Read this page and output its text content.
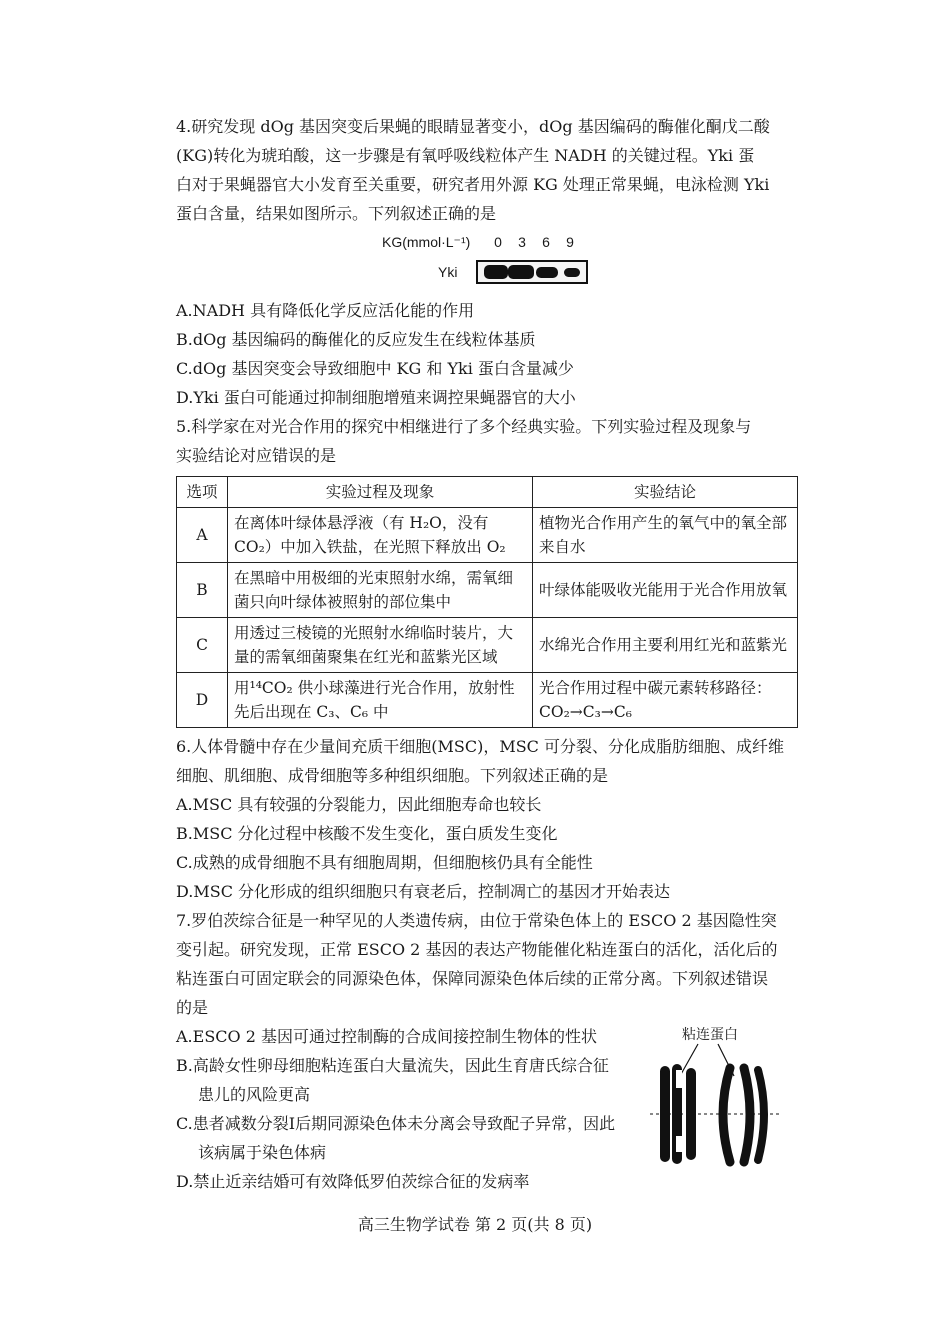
4.研究发现 dOg 基因突变后果蝇的眼睛显著变小，dOg 基因编码的酶催化酮戊二酸

(KG)转化为琥珀酸，这一步骤是有氧呼吸线粒体产生 NADH 的关键过程。Yki 蛋

白对于果蝇器官大小发育至关重要，研究者用外源 KG 处理正常果蝇，电泳检测 Yki

蛋白含量，结果如图所示。下列叙述正确的是

KG(mmol·L⁻¹)	0 3 6 9
Yki

A.NADH 具有降低化学反应活化能的作用

B.dOg 基因编码的酶催化的反应发生在线粒体基质

C.dOg 基因突变会导致细胞中 KG 和 Yki 蛋白含量减少

D.Yki 蛋白可能通过抑制细胞增殖来调控果蝇器官的大小

5.科学家在对光合作用的探究中相继进行了多个经典实验。下列实验过程及现象与

实验结论对应错误的是

选项	实验过程及现象	实验结论
A	在离体叶绿体悬浮液（有 H₂O，没有 CO₂）中加入铁盐，在光照下释放出 O₂	植物光合作用产生的氧气中的氧全部来自水
B	在黑暗中用极细的光束照射水绵，需氧细菌只向叶绿体被照射的部位集中	叶绿体能吸收光能用于光合作用放氧
C	用透过三棱镜的光照射水绵临时装片，大量的需氧细菌聚集在红光和蓝紫光区域	水绵光合作用主要利用红光和蓝紫光
D	用¹⁴CO₂ 供小球藻进行光合作用，放射性先后出现在 C₃、C₆ 中	光合作用过程中碳元素转移路径：CO₂→C₃→C₆

6.人体骨髓中存在少量间充质干细胞(MSC)，MSC 可分裂、分化成脂肪细胞、成纤维

细胞、肌细胞、成骨细胞等多种组织细胞。下列叙述正确的是

A.MSC 具有较强的分裂能力，因此细胞寿命也较长

B.MSC 分化过程中核酸不发生变化，蛋白质发生变化

C.成熟的成骨细胞不具有细胞周期，但细胞核仍具有全能性

D.MSC 分化形成的组织细胞只有衰老后，控制凋亡的基因才开始表达

7.罗伯茨综合征是一种罕见的人类遗传病，由位于常染色体上的 ESCO 2 基因隐性突

变引起。研究发现，正常 ESCO 2 基因的表达产物能催化粘连蛋白的活化，活化后的

粘连蛋白可固定联会的同源染色体，保障同源染色体后续的正常分离。下列叙述错误

的是

粘连蛋白

A.ESCO 2 基因可通过控制酶的合成间接控制生物体的性状

B.高龄女性卵母细胞粘连蛋白大量流失，因此生育唐氏综合征

患儿的风险更高

C.患者减数分裂Ⅰ后期同源染色体未分离会导致配子异常，因此

该病属于染色体病

D.禁止近亲结婚可有效降低罗伯茨综合征的发病率

高三生物学试卷 第 2 页(共 8 页)
